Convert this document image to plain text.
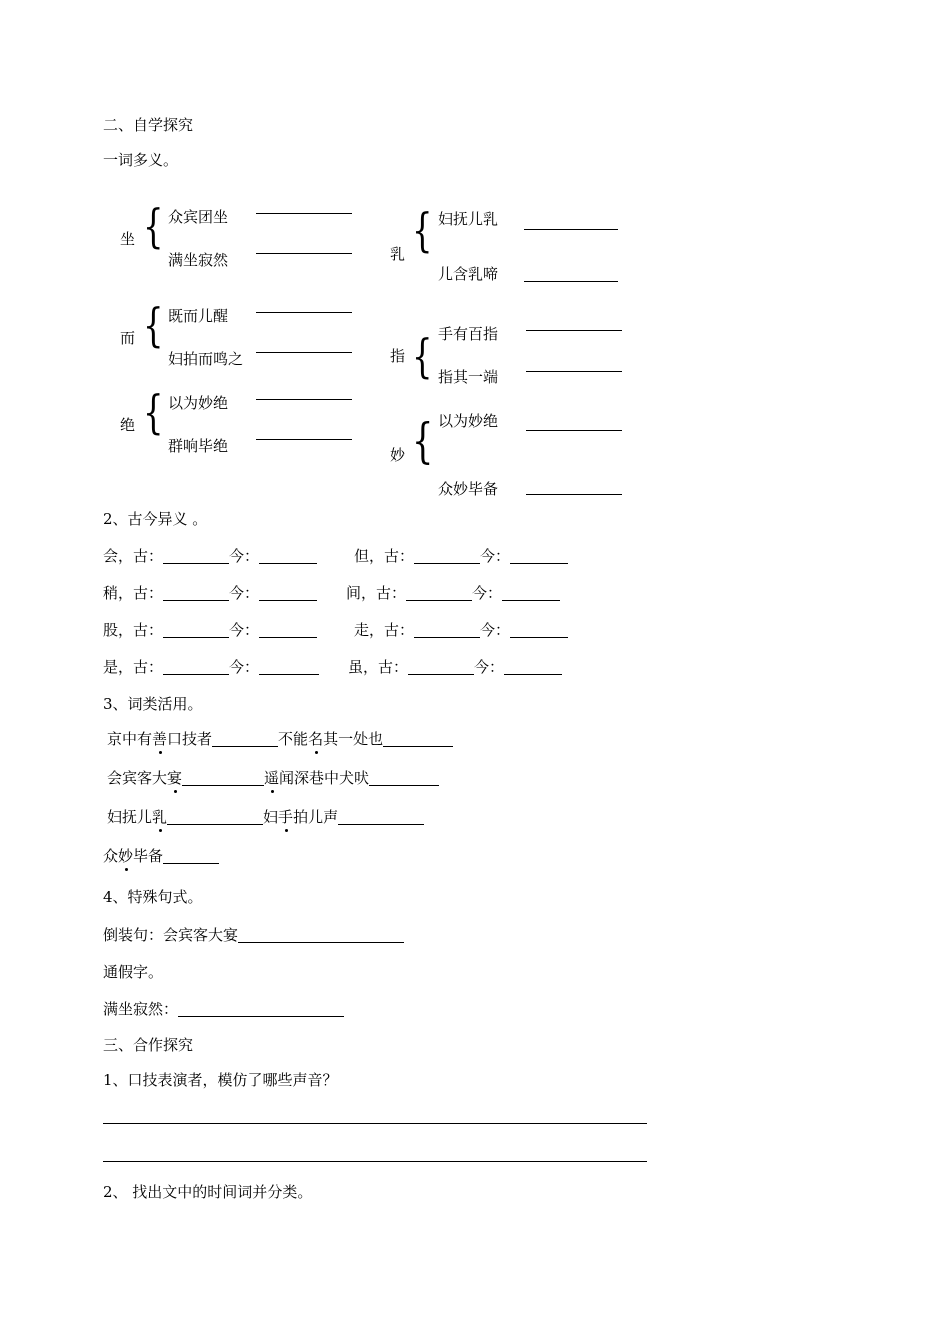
二、自学探究
一词多义。
坐 { 众宾团坐
满坐寂然
而 { 既而儿醒
妇拍而鸣之
绝 { 以为妙绝
群响毕绝
乳 { 妇抚儿乳
儿含乳啼
指 { 手有百指
指其一端
妙 { 以为妙绝
众妙毕备
2、古今异义 。
会，古：	今：	但，古：	今：
稍，古：	今：	间，古：	今：
股，古：	今：	走，古：	今：
是，古：	今：	虽，古：	今：
3、词类活用。
京中有善口技者	不能名其一处也
会宾客大宴	遥闻深巷中犬吠
妇抚儿乳	妇手拍儿声
众妙毕备
4、特殊句式。
倒装句：会宾客大宴
通假字。
满坐寂然：
三、合作探究
1、口技表演者，模仿了哪些声音？
2、 找出文中的时间词并分类。
